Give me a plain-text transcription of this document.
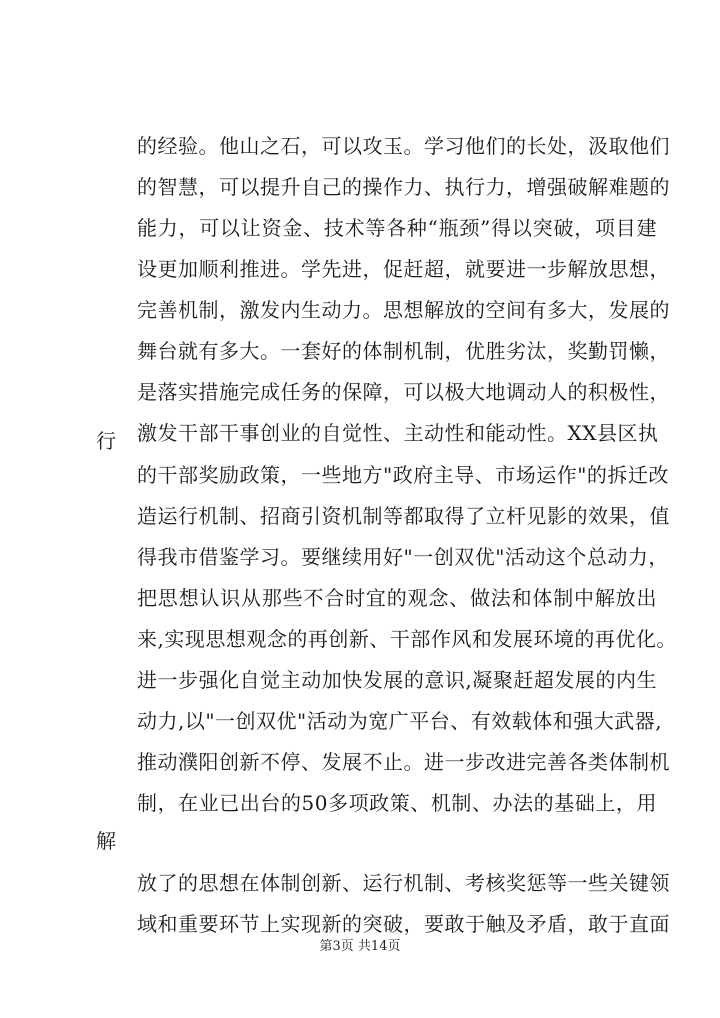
的经验。他山之石，可以攻玉。学习他们的长处，汲取他们
的智慧，可以提升自己的操作力、执行力，增强破解难题的
能力，可以让资金、技术等各种“瓶颈”得以突破，项目建
设更加顺利推进。学先进，促赶超，就要进一步解放思想，
完善机制，激发内生动力。思想解放的空间有多大，发展的
舞台就有多大。一套好的体制机制，优胜劣汰，奖勤罚懒，
是落实措施完成任务的保障，可以极大地调动人的积极性，
激发干部干事创业的自觉性、主动性和能动性。XX县区执
行
的干部奖励政策，一些地方"政府主导、市场运作"的拆迁改
造运行机制、招商引资机制等都取得了立杆见影的效果，值
得我市借鉴学习。要继续用好"一创双优"活动这个总动力，
把思想认识从那些不合时宜的观念、做法和体制中解放出
来,实现思想观念的再创新、干部作风和发展环境的再优化。
进一步强化自觉主动加快发展的意识,凝聚赶超发展的内生
动力,以"一创双优"活动为宽广平台、有效载体和强大武器,
推动濮阳创新不停、发展不止。进一步改进完善各类体制机
制，在业已出台的50多项政策、机制、办法的基础上，用
解
放了的思想在体制创新、运行机制、考核奖惩等一些关键领
域和重要环节上实现新的突破，要敢于触及矛盾，敢于直面
第3页 共14页
